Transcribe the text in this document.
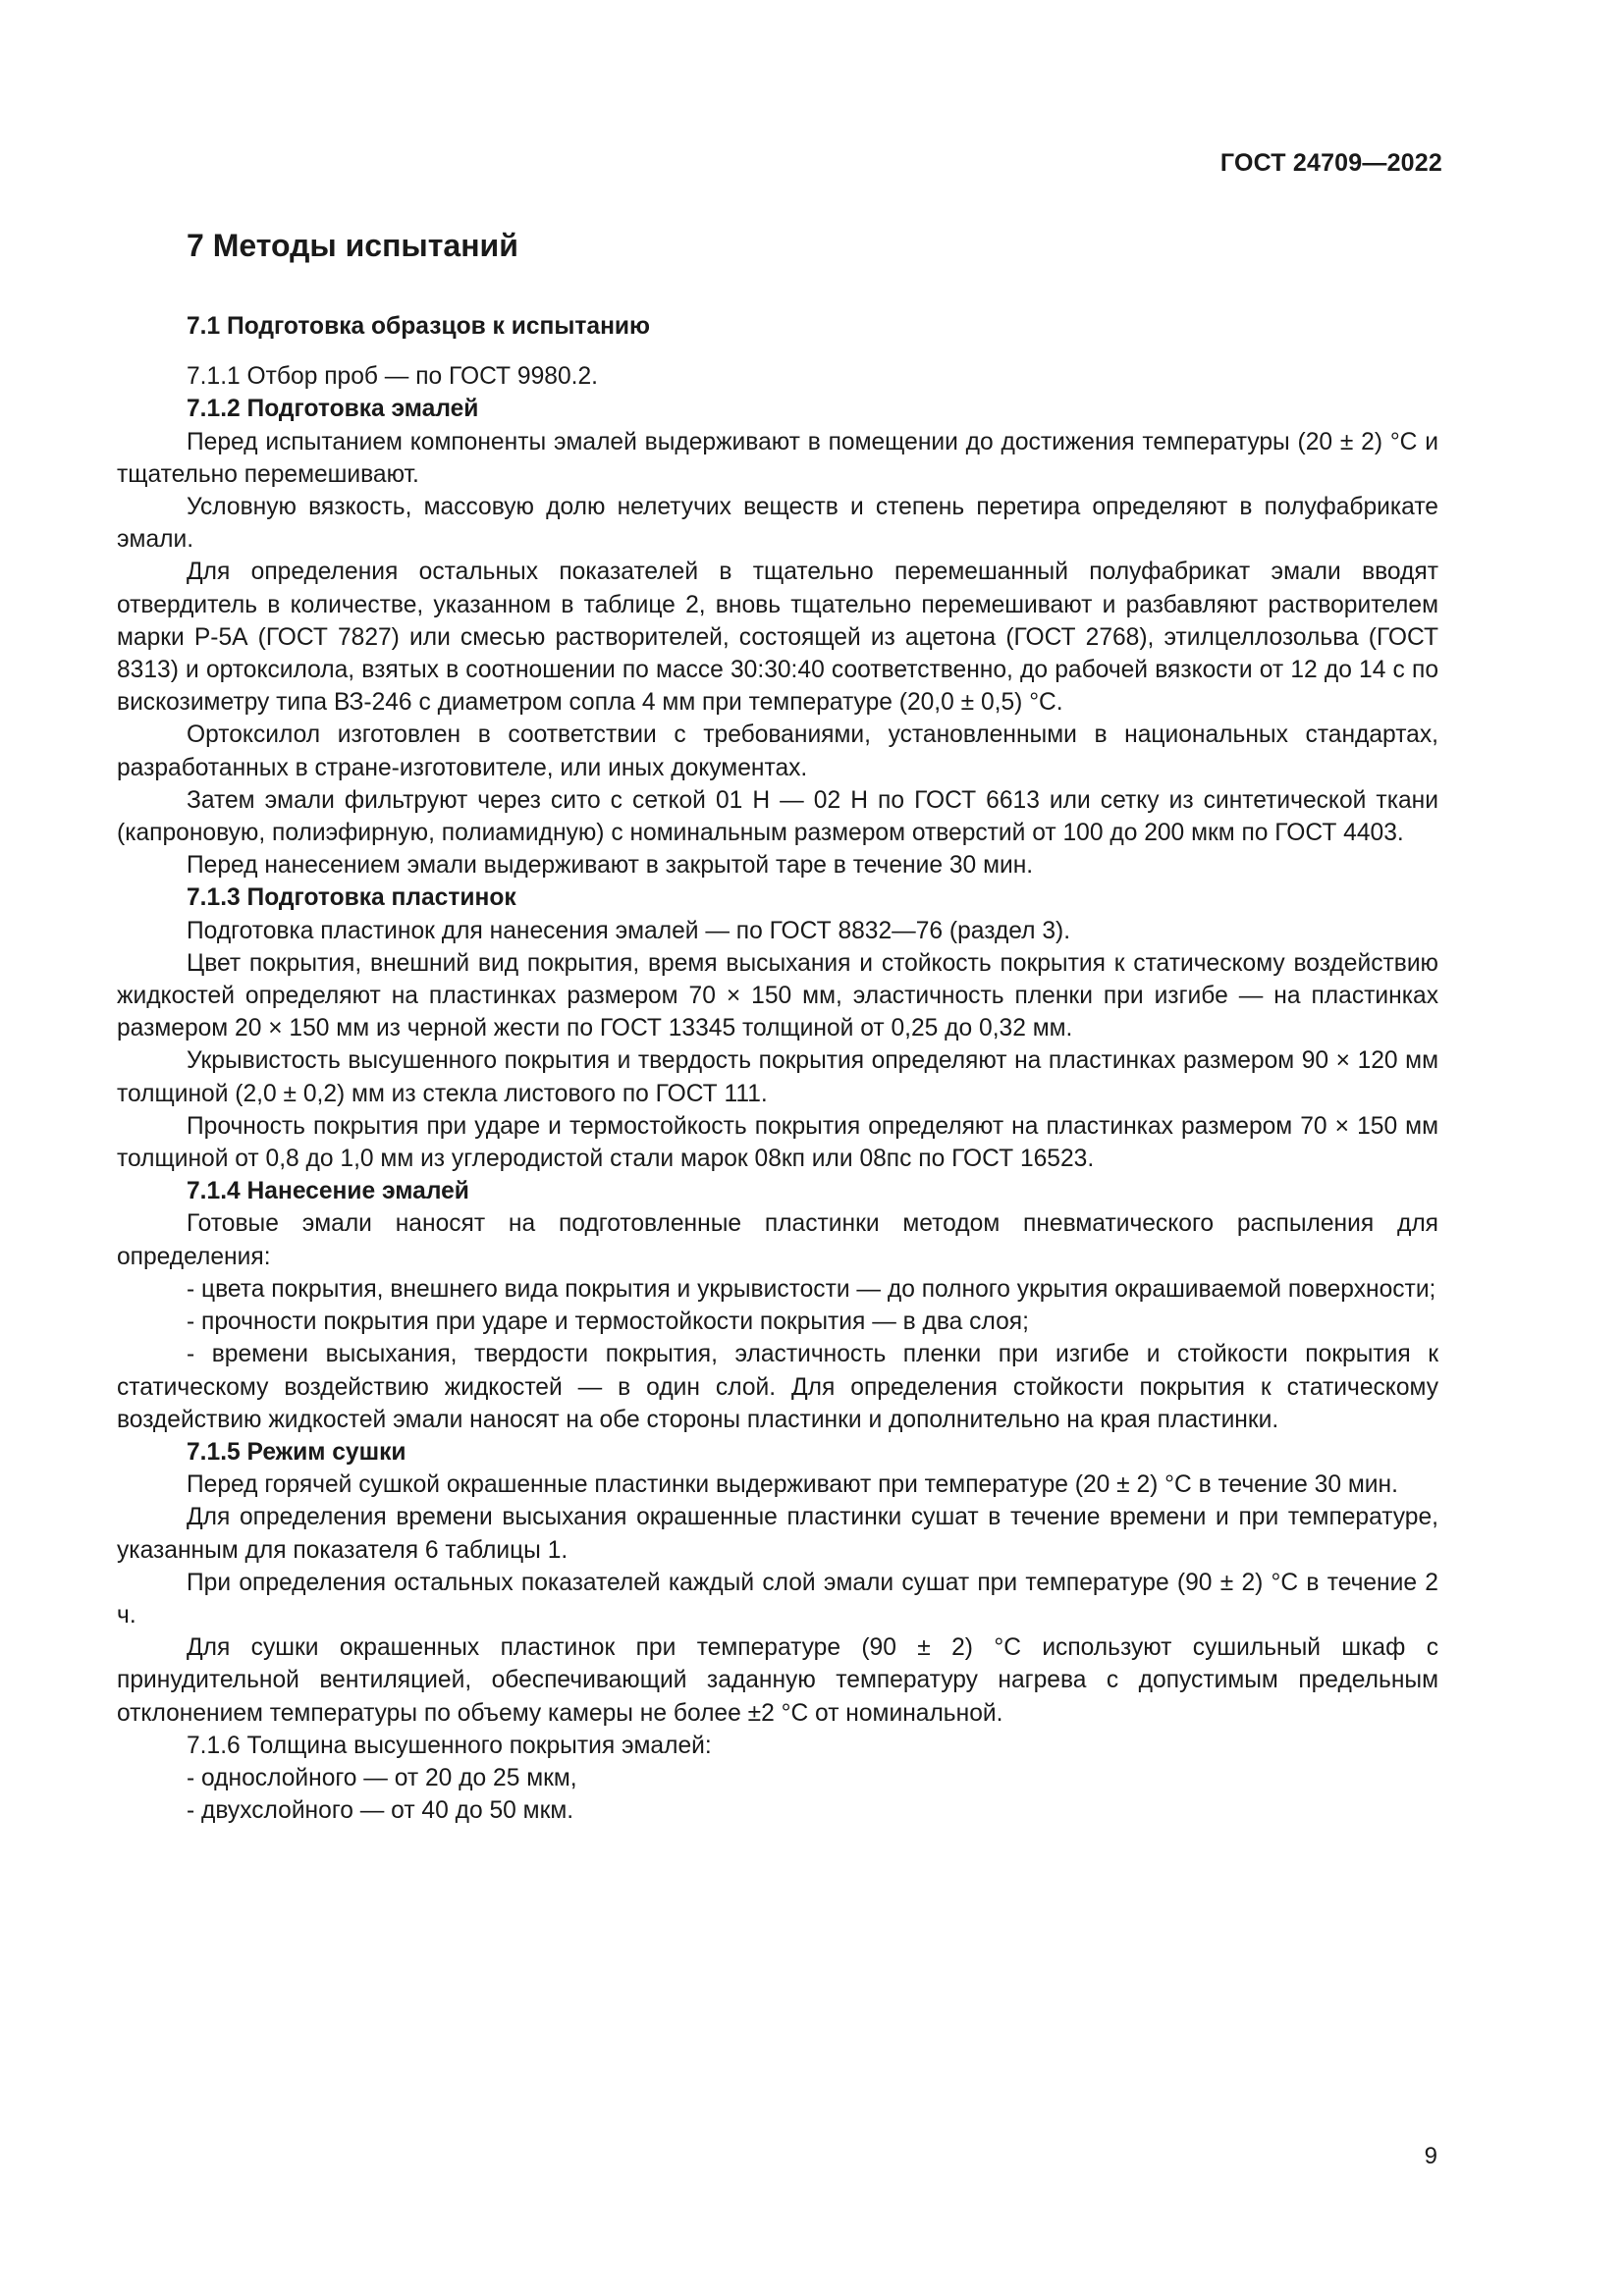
ГОСТ 24709—2022
7 Методы испытаний

7.1 Подготовка образцов к испытанию

7.1.1 Отбор проб — по ГОСТ 9980.2.

7.1.2 Подготовка эмалей

Перед испытанием компоненты эмалей выдерживают в помещении до достижения температуры (20 ± 2) °С и тщательно перемешивают.

Условную вязкость, массовую долю нелетучих веществ и степень перетира определяют в полуфабрикате эмали.

Для определения остальных показателей в тщательно перемешанный полуфабрикат эмали вводят отвердитель в количестве, указанном в таблице 2, вновь тщательно перемешивают и разбавляют растворителем марки Р-5А (ГОСТ 7827) или смесью растворителей, состоящей из ацетона (ГОСТ 2768), этилцеллозольва (ГОСТ 8313) и ортоксилола, взятых в соотношении по массе 30:30:40 соответственно, до рабочей вязкости от 12 до 14 с по вискозиметру типа ВЗ-246 с диаметром сопла 4 мм при температуре (20,0 ± 0,5) °С.

Ортоксилол изготовлен в соответствии с требованиями, установленными в национальных стандартах, разработанных в стране-изготовителе, или иных документах.

Затем эмали фильтруют через сито с сеткой 01 Н — 02 Н по ГОСТ 6613 или сетку из синтетической ткани (капроновую, полиэфирную, полиамидную) с номинальным размером отверстий от 100 до 200 мкм по ГОСТ 4403.

Перед нанесением эмали выдерживают в закрытой таре в течение 30 мин.

7.1.3 Подготовка пластинок

Подготовка пластинок для нанесения эмалей — по ГОСТ 8832—76 (раздел 3).

Цвет покрытия, внешний вид покрытия, время высыхания и стойкость покрытия к статическому воздействию жидкостей определяют на пластинках размером 70 × 150 мм, эластичность пленки при изгибе — на пластинках размером 20 × 150 мм из черной жести по ГОСТ 13345 толщиной от 0,25 до 0,32 мм.

Укрывистость высушенного покрытия и твердость покрытия определяют на пластинках размером 90 × 120 мм толщиной (2,0 ± 0,2) мм из стекла листового по ГОСТ 111.

Прочность покрытия при ударе и термостойкость покрытия определяют на пластинках размером 70 × 150 мм толщиной от 0,8 до 1,0 мм из углеродистой стали марок 08кп или 08пс по ГОСТ 16523.

7.1.4 Нанесение эмалей

Готовые эмали наносят на подготовленные пластинки методом пневматического распыления для определения:

- цвета покрытия, внешнего вида покрытия и укрывистости — до полного укрытия окрашиваемой поверхности;

- прочности покрытия при ударе и термостойкости покрытия — в два слоя;

- времени высыхания, твердости покрытия, эластичность пленки при изгибе и стойкости покрытия к статическому воздействию жидкостей — в один слой. Для определения стойкости покрытия к статическому воздействию жидкостей эмали наносят на обе стороны пластинки и дополнительно на края пластинки.

7.1.5 Режим сушки

Перед горячей сушкой окрашенные пластинки выдерживают при температуре (20 ± 2) °С в течение 30 мин.

Для определения времени высыхания окрашенные пластинки сушат в течение времени и при температуре, указанным для показателя 6 таблицы 1.

При определения остальных показателей каждый слой эмали сушат при температуре (90 ± 2) °С в течение 2 ч.

Для сушки окрашенных пластинок при температуре (90 ± 2) °С используют сушильный шкаф с принудительной вентиляцией, обеспечивающий заданную температуру нагрева с допустимым предельным отклонением температуры по объему камеры не более ±2 °С от номинальной.

7.1.6 Толщина высушенного покрытия эмалей:

- однослойного — от 20 до 25 мкм,

- двухслойного — от 40 до 50 мкм.

9
